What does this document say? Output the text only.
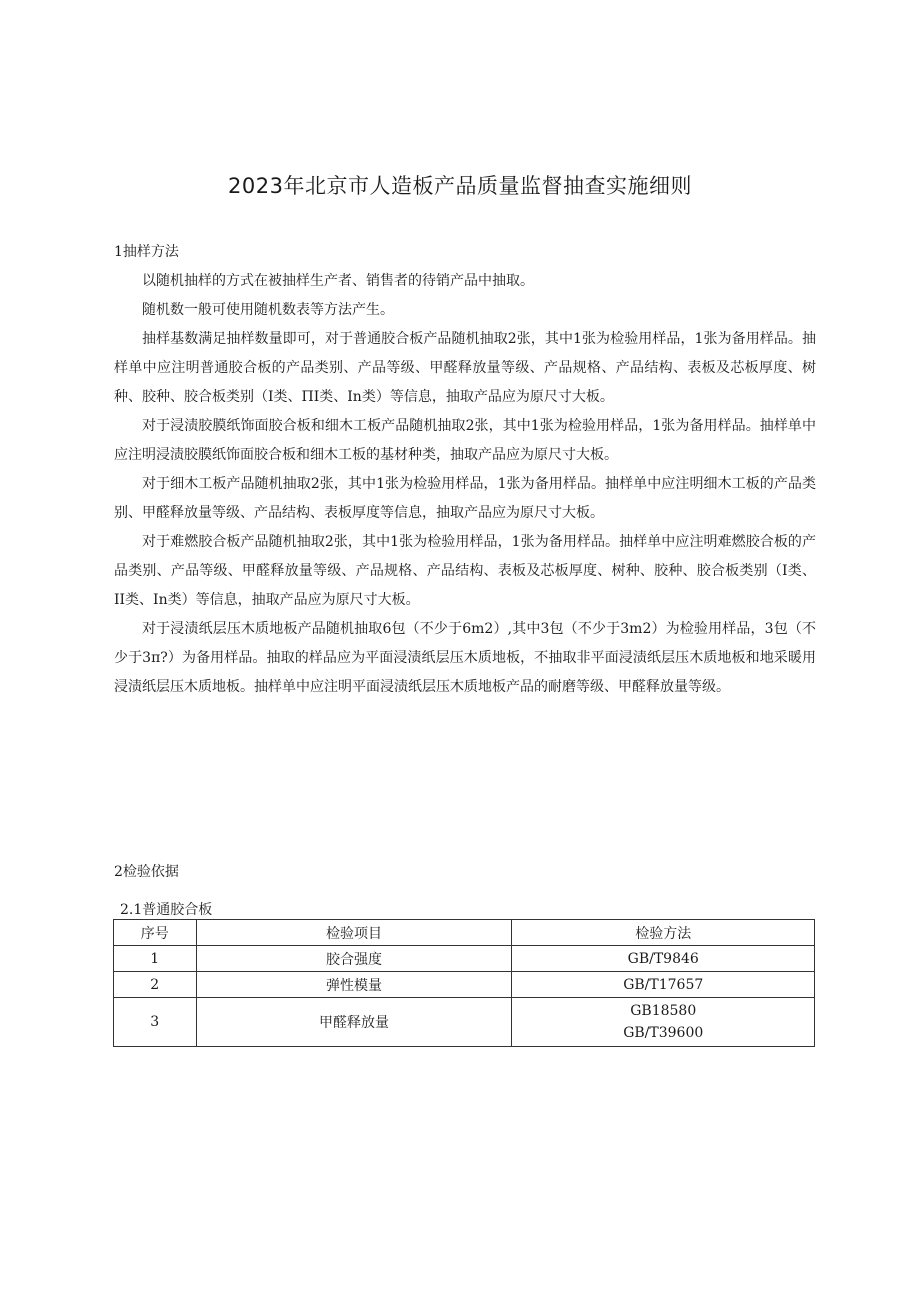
2023年北京市人造板产品质量监督抽查实施细则

1抽样方法

以随机抽样的方式在被抽样生产者、销售者的待销产品中抽取。

随机数一般可使用随机数表等方法产生。

抽样基数满足抽样数量即可，对于普通胶合板产品随机抽取2张，其中1张为检验用样品，1张为备用样品。抽样单中应注明普通胶合板的产品类别、产品等级、甲醛释放量等级、产品规格、产品结构、表板及芯板厚度、树种、胶种、胶合板类别（I类、ΠΙ类、In类）等信息，抽取产品应为原尺寸大板。

对于浸渍胶膜纸饰面胶合板和细木工板产品随机抽取2张，其中1张为检验用样品，1张为备用样品。抽样单中应注明浸渍胶膜纸饰面胶合板和细木工板的基材种类，抽取产品应为原尺寸大板。

对于细木工板产品随机抽取2张，其中1张为检验用样品，1张为备用样品。抽样单中应注明细木工板的产品类别、甲醛释放量等级、产品结构、表板厚度等信息，抽取产品应为原尺寸大板。

对于难燃胶合板产品随机抽取2张，其中1张为检验用样品，1张为备用样品。抽样单中应注明难燃胶合板的产品类别、产品等级、甲醛释放量等级、产品规格、产品结构、表板及芯板厚度、树种、胶种、胶合板类别（I类、II类、In类）等信息，抽取产品应为原尺寸大板。

对于浸渍纸层压木质地板产品随机抽取6包（不少于6m2）,其中3包（不少于3m2）为检验用样品，3包（不少于3π?）为备用样品。抽取的样品应为平面浸渍纸层压木质地板，不抽取非平面浸渍纸层压木质地板和地采暖用浸渍纸层压木质地板。抽样单中应注明平面浸渍纸层压木质地板产品的耐磨等级、甲醛释放量等级。

2检验依据
2.1普通胶合板
序号	检验项目	检验方法
1	胶合强度	GB/T9846
2	弹性模量	GB/T17657
3	甲醛释放量	GB18580
GB/T39600
